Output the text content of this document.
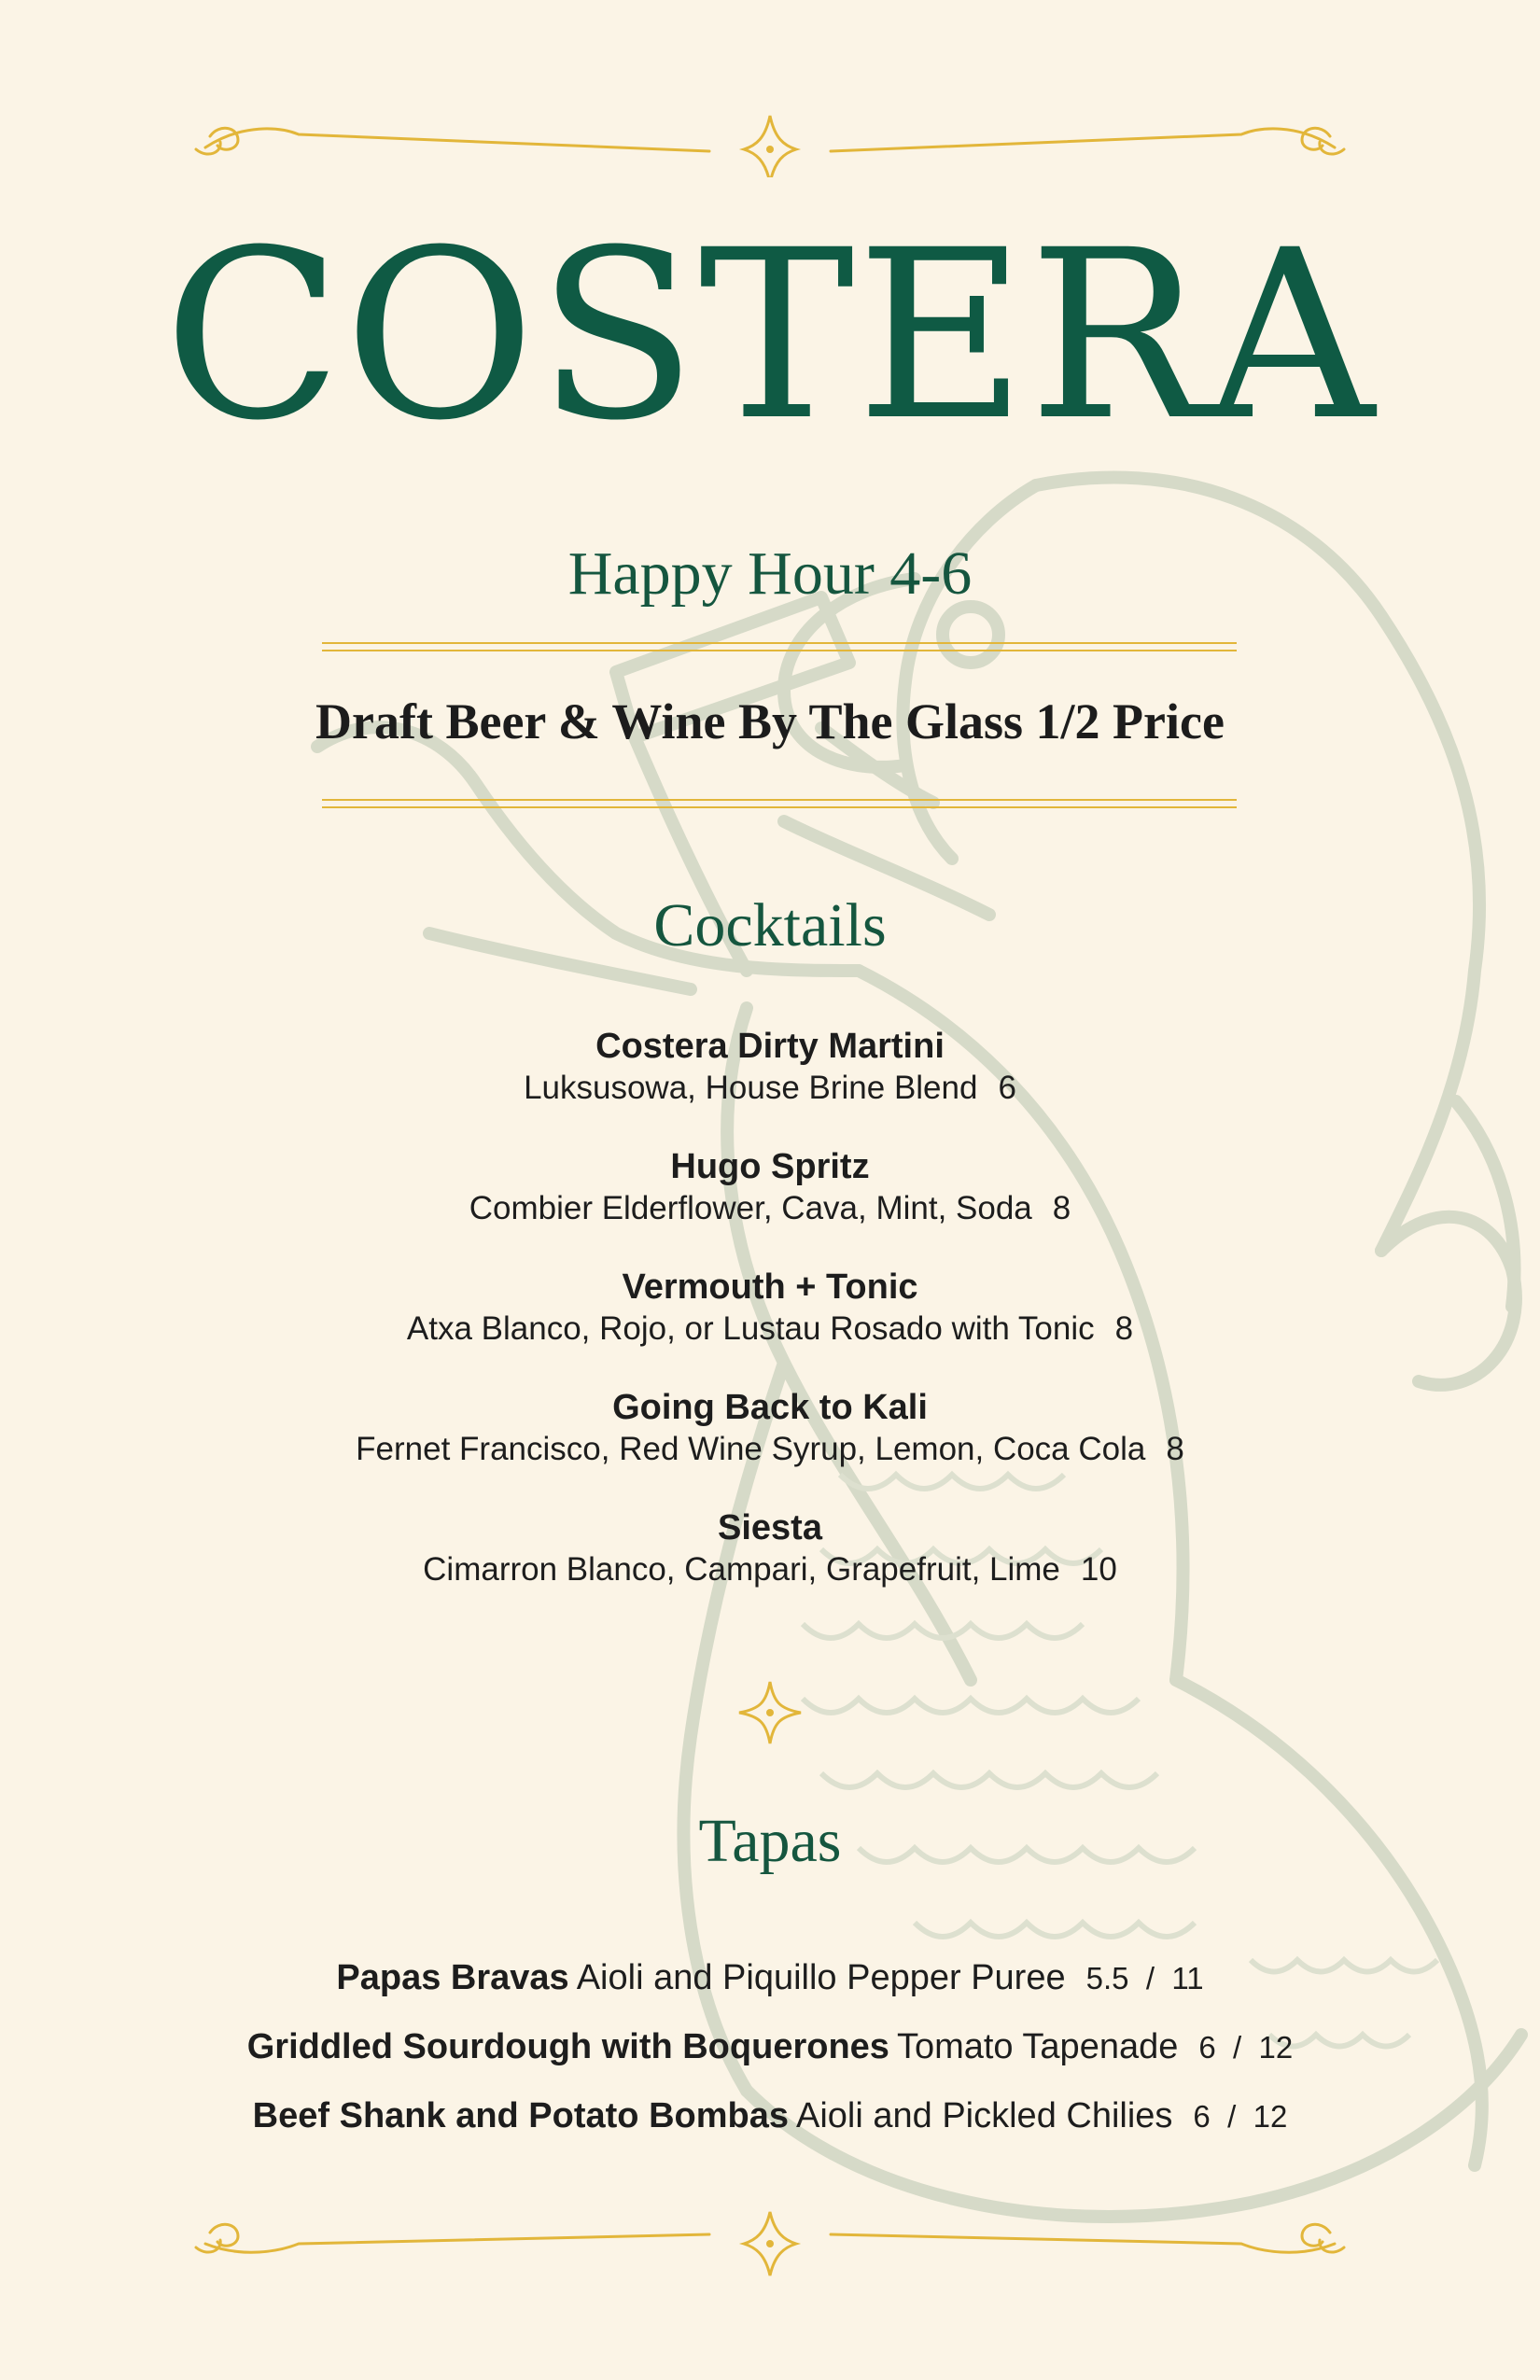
COSTERA
Happy Hour 4-6
Draft Beer & Wine By The Glass 1/2 Price
Cocktails
Costera Dirty Martini
Luksusowa, House Brine Blend 6
Hugo Spritz
Combier Elderflower, Cava, Mint, Soda 8
Vermouth + Tonic
Atxa Blanco, Rojo, or Lustau Rosado with Tonic 8
Going Back to Kali
Fernet Francisco, Red Wine Syrup, Lemon, Coca Cola 8
Siesta
Cimarron Blanco, Campari, Grapefruit, Lime 10
Tapas
Papas Bravas Aioli and Piquillo Pepper Puree 5.5  /  11
Griddled Sourdough with Boquerones Tomato Tapenade 6  /  12
Beef Shank and Potato Bombas Aioli and Pickled Chilies 6  /  12
